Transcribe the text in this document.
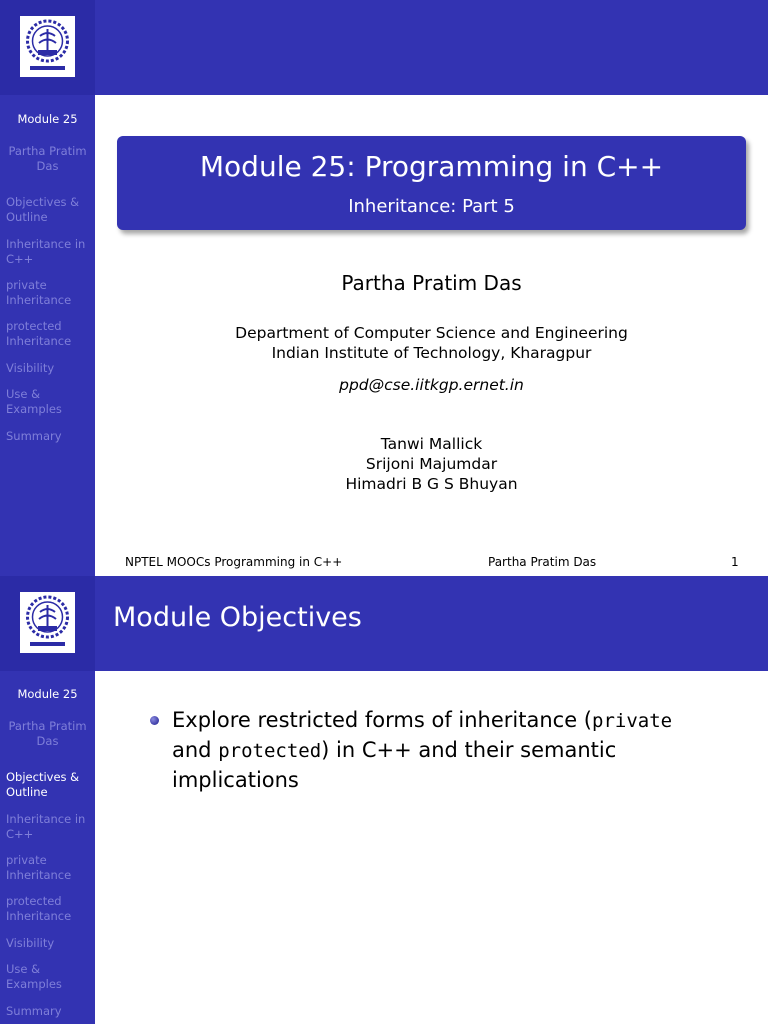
Module 25
Partha Pratim Das
Objectives & Outline
Inheritance in C++
private
Inheritance
protected
Inheritance
Visibility
Use & Examples
Summary
Module 25: Programming in C++
Inheritance: Part 5
Partha Pratim Das
Department of Computer Science and Engineering
Indian Institute of Technology, Kharagpur
ppd@cse.iitkgp.ernet.in
Tanwi Mallick
Srijoni Majumdar
Himadri B G S Bhuyan
NPTEL MOOCs Programming in C++	Partha Pratim Das	1
Module 25
Partha Pratim Das
Objectives & Outline
Inheritance in C++
private
Inheritance
protected
Inheritance
Visibility
Use & Examples
Summary
Module Objectives
Explore restricted forms of inheritance (private and protected) in C++ and their semantic implications
